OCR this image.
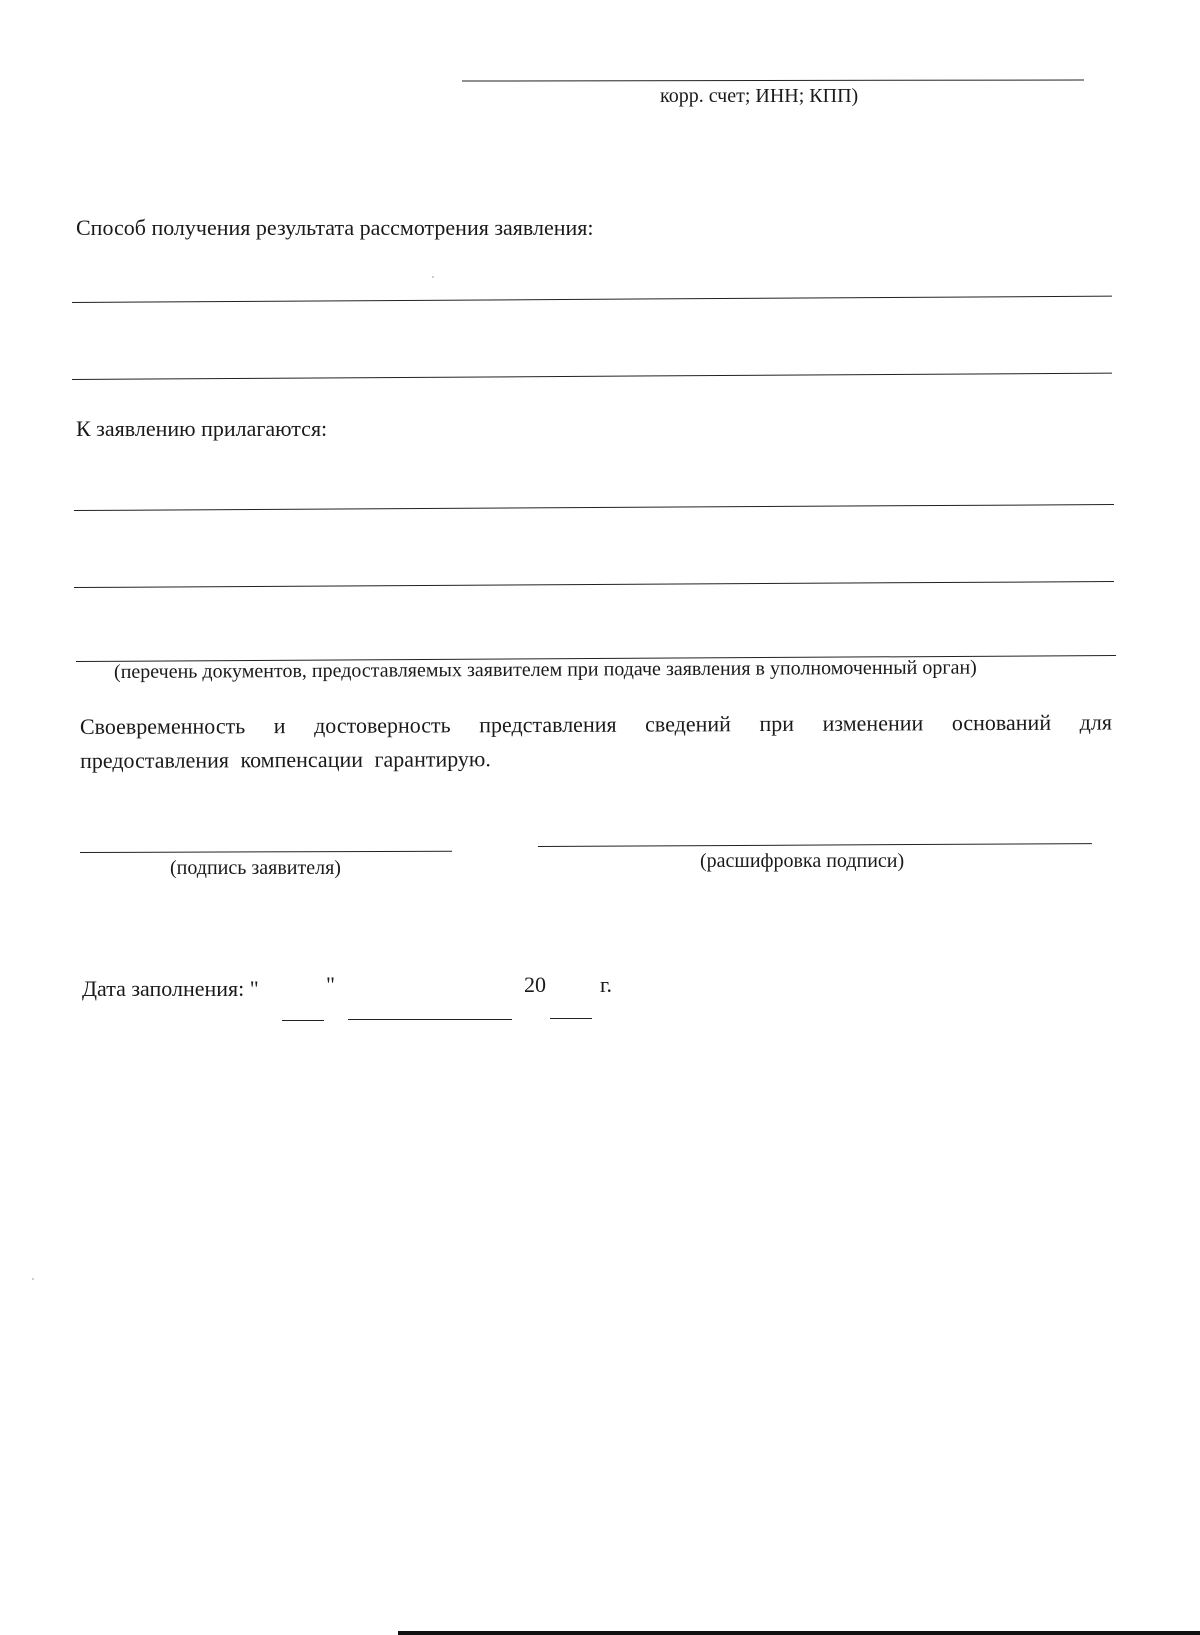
корр. счет; ИНН; КПП)
Способ получения результата рассмотрения заявления:
К заявлению прилагаются:
(перечень документов, предоставляемых заявителем при подаче заявления в уполномоченный орган)
Своевременность и достоверность представления сведений при изменении оснований для предоставления компенсации гарантирую.
(подпись заявителя)	(расшифровка подписи)
Дата заполнения: "	"	20 г.
